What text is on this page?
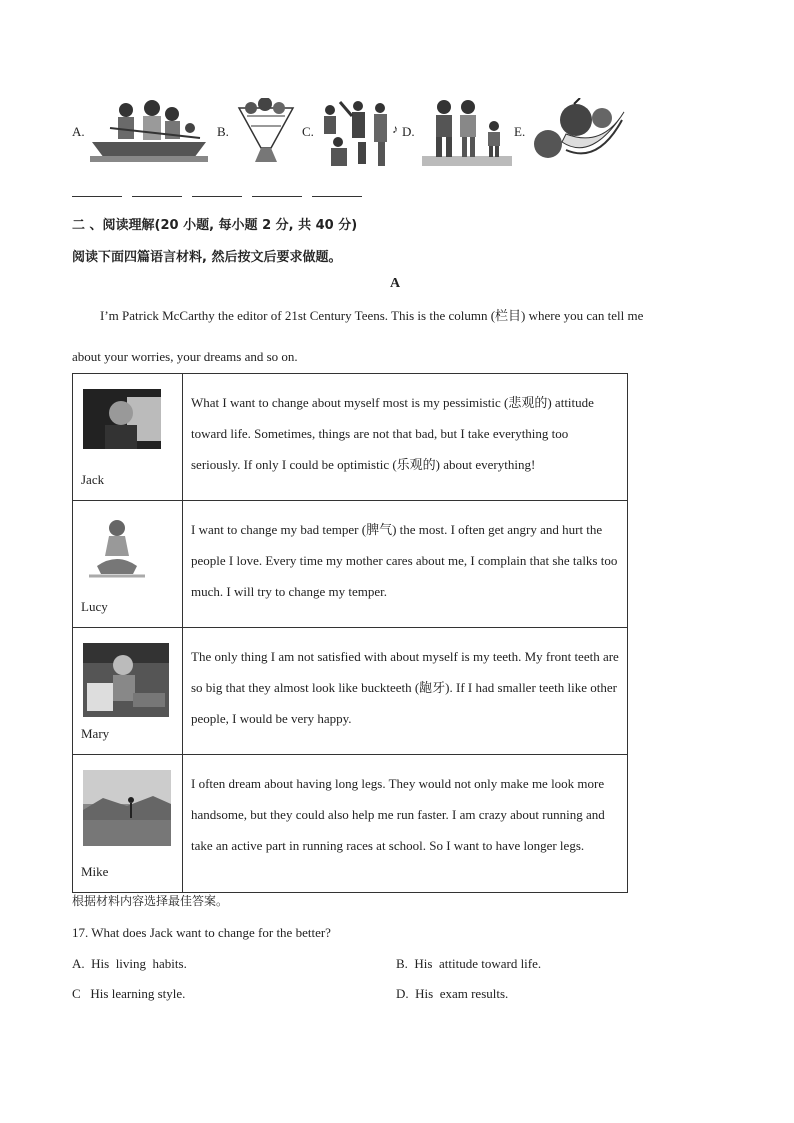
A.	B.	C.	♪ D.	E.
二 、阅读理解(20 小题, 每小题 2 分, 共 40 分)
阅读下面四篇语言材料, 然后按文后要求做题。
A
I’m Patrick McCarthy the editor of 21st Century Teens. This is the column (栏目) where you can tell me
about your worries, your dreams and so on.
Jack	What I want to change about myself most is my pessimistic (悲观的) attitude toward life. Sometimes, things are not that bad, but I take everything too seriously. If only I could be optimistic (乐观的) about everything!

Lucy	I want to change my bad temper (脾气) the most. I often get angry and hurt the people I love. Every time my mother cares about me, I complain that she talks too much. I will try to change my temper.

Mary	The only thing I am not satisfied with about myself is my teeth. My front teeth are so big that they almost look like buckteeth (龅牙). If I had smaller teeth like other people, I would be very happy.

Mike	I often dream about having long legs. They would not only make me look more handsome, but they could also help me run faster. I am crazy about running and take an active part in running races at school. So I want to have longer legs.
根据材料内容选择最佳答案。
17. What does Jack want to change for the better?
A.  His  living  habits.	B.  His  attitude toward life.
C   His learning style.	D.  His  exam results.
